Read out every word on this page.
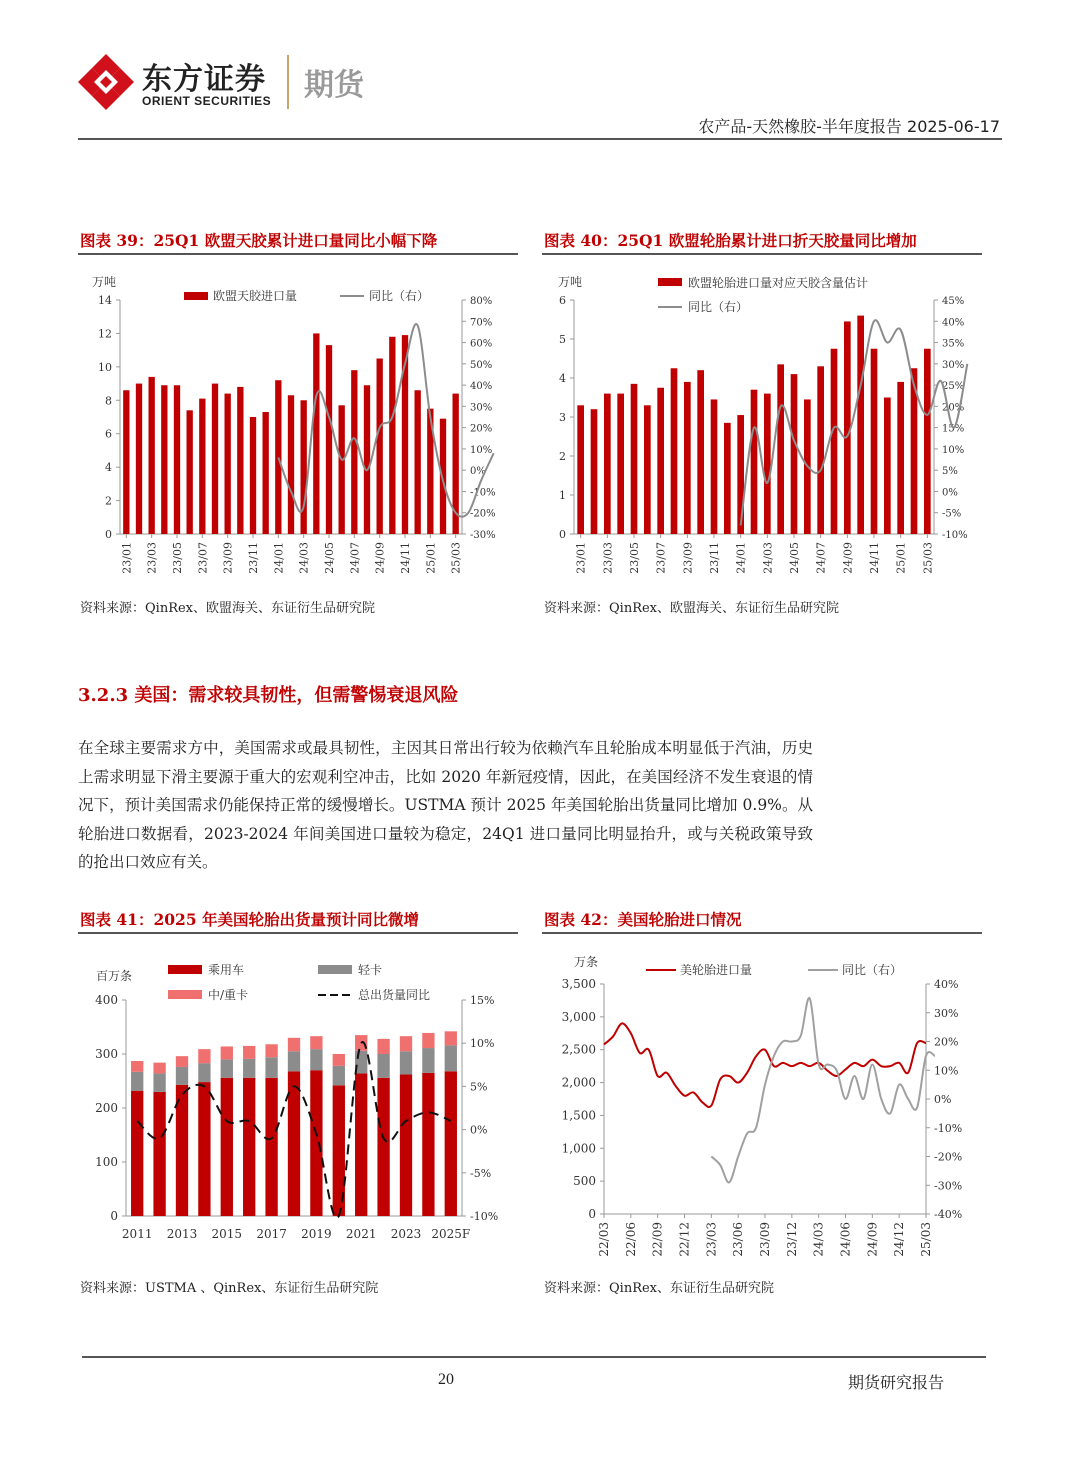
东方证券
ORIENT SECURITIES 期货
农产品-天然橡胶-半年度报告 2025-06-17
图表 39：25Q1 欧盟天胶累计进口量同比小幅下降
0
2
4
6
8
10
12
14
-30%
-20%
-10%
0%
10%
20%
30%
40%
50%
60%
70%
80%
万吨
23/01 23/03 23/05 23/07 23/09 23/11 24/01 24/03 24/05 24/07 24/09 24/11 25/01 25/03
欧盟天胶进口量	同比（右）
资料来源：QinRex、欧盟海关、东证衍生品研究院
图表 40：25Q1 欧盟轮胎累计进口折天胶量同比增加
0
1
2
3
4
5
6
-10%
-5%
0%
5%
10%
15%
20%
25%
30%
35%
40%
45%
万吨
23/01 23/03 23/05 23/07 23/09 23/11 24/01 24/03 24/05 24/07 24/09 24/11 25/01 25/03
欧盟轮胎进口量对应天胶含量估计
同比（右）
资料来源：QinRex、欧盟海关、东证衍生品研究院
3.2.3 美国：需求较具韧性，但需警惕衰退风险

在全球主要需求方中，美国需求或最具韧性，主因其日常出行较为依赖汽车且轮胎成本明显低于汽油，历史上需求明显下滑主要源于重大的宏观利空冲击，比如 2020 年新冠疫情，因此，在美国经济不发生衰退的情况下，预计美国需求仍能保持正常的缓慢增长。USTMA 预计 2025 年美国轮胎出货量同比增加 0.9%。从轮胎进口数据看，2023-2024 年间美国进口量较为稳定，24Q1 进口量同比明显抬升，或与关税政策导致的抢出口效应有关。

图表 41：2025 年美国轮胎出货量预计同比微增
0
100
200
300
400
-10%
-5%
0%
5%
10%
15%
百万条
2011 2013 2015 2017 2019 2021 2023 2025F
乘用车	轻卡
中/重卡	总出货量同比
资料来源：USTMA 、QinRex、东证衍生品研究院
图表 42：美国轮胎进口情况
0
500
1,000
1,500
2,000
2,500
3,000
3,500
-40%
-30%
-20%
-10%
0%
10%
20%
30%
40%
万条
22/03 22/06 22/09 22/12 23/03 23/06 23/09 23/12 24/03 24/06 24/09 24/12 25/03
美轮胎进口量	同比（右）
资料来源：QinRex、东证衍生品研究院
20	期货研究报告
